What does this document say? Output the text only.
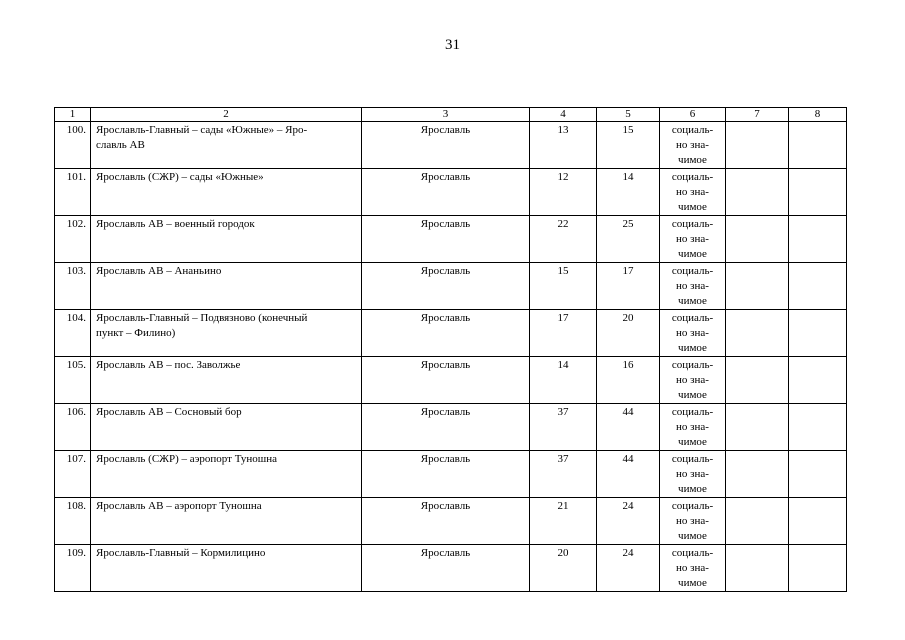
31
1	2	3	4	5	6	7	8
100.	Ярославль-Главный – сады «Южные» – Яро-
славль АВ	Ярославль	13	15	социаль-
но зна-
чимое		

101.	Ярославль (СЖР) – сады «Южные»	Ярославль	12	14	социаль-
но зна-
чимое		

102.	Ярославль АВ – военный городок	Ярославль	22	25	социаль-
но зна-
чимое		

103.	Ярославль АВ – Ананьино	Ярославль	15	17	социаль-
но зна-
чимое		

104.	Ярославль-Главный – Подвязново (конечный
пункт – Филино)	Ярославль	17	20	социаль-
но зна-
чимое		

105.	Ярославль АВ – пос. Заволжье	Ярославль	14	16	социаль-
но зна-
чимое		

106.	Ярославль АВ – Сосновый бор	Ярославль	37	44	социаль-
но зна-
чимое		

107.	Ярославль (СЖР) – аэропорт Туношна	Ярославль	37	44	социаль-
но зна-
чимое		

108.	Ярославль АВ – аэропорт Туношна	Ярославль	21	24	социаль-
но зна-
чимое		

109.	Ярославль-Главный – Кормилицино	Ярославль	20	24	социаль-
но зна-
чимое		
